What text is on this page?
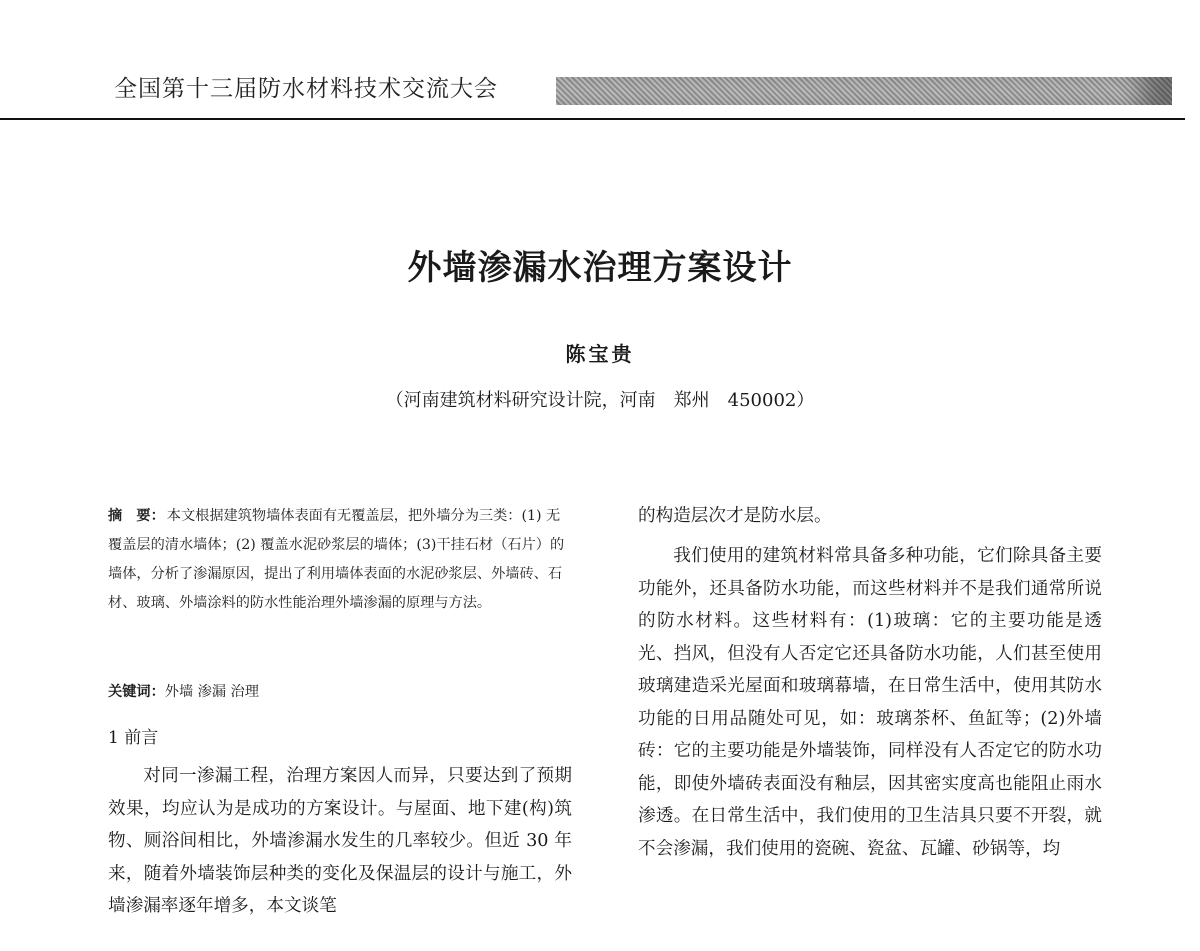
全国第十三届防水材料技术交流大会
外墙渗漏水治理方案设计
陈宝贵
（河南建筑材料研究设计院，河南　郑州　450002）
摘　要： 本文根据建筑物墙体表面有无覆盖层，把外墙分为三类：(1) 无覆盖层的清水墙体；(2) 覆盖水泥砂浆层的墙体；(3)干挂石材（石片）的墙体，分析了渗漏原因，提出了利用墙体表面的水泥砂浆层、外墙砖、石材、玻璃、外墙涂料的防水性能治理外墙渗漏的原理与方法。
关键词：外墙 渗漏 治理
1 前言
对同一渗漏工程，治理方案因人而异，只要达到了预期效果，均应认为是成功的方案设计。与屋面、地下建(构)筑物、厕浴间相比，外墙渗漏水发生的几率较少。但近 30 年来，随着外墙装饰层种类的变化及保温层的设计与施工，外墙渗漏率逐年增多，本文谈笔
的构造层次才是防水层。
我们使用的建筑材料常具备多种功能，它们除具备主要功能外，还具备防水功能，而这些材料并不是我们通常所说的防水材料。这些材料有：(1)玻璃：它的主要功能是透光、挡风，但没有人否定它还具备防水功能，人们甚至使用玻璃建造采光屋面和玻璃幕墙，在日常生活中，使用其防水功能的日用品随处可见，如：玻璃茶杯、鱼缸等；(2)外墙砖：它的主要功能是外墙装饰，同样没有人否定它的防水功能，即使外墙砖表面没有釉层，因其密实度高也能阻止雨水渗透。在日常生活中，我们使用的卫生洁具只要不开裂，就不会渗漏，我们使用的瓷碗、瓷盆、瓦罐、砂锅等，均
